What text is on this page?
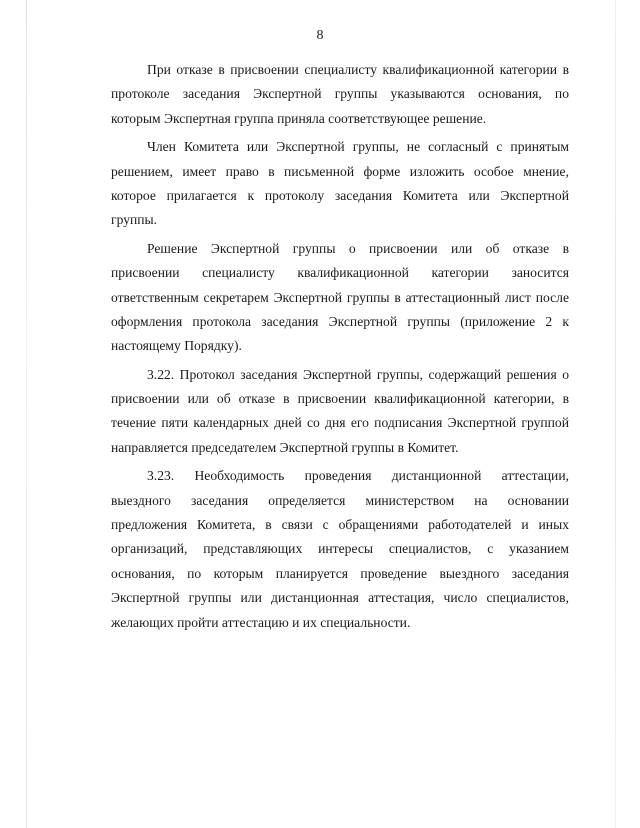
8
При отказе в присвоении специалисту квалификационной категории в
протоколе заседания Экспертной группы указываются основания, по
которым Экспертная группа приняла соответствующее решение.
Член Комитета или Экспертной группы, не согласный с принятым
решением, имеет право в письменной форме изложить особое мнение,
которое прилагается к протоколу заседания Комитета или Экспертной
группы.
Решение Экспертной группы о присвоении или об отказе в
присвоении специалисту квалификационной категории заносится
ответственным секретарем Экспертной группы в аттестационный лист после
оформления протокола заседания Экспертной группы (приложение 2 к
настоящему Порядку).
3.22. Протокол заседания Экспертной группы, содержащий решения о
присвоении или об отказе в присвоении квалификационной категории, в
течение пяти календарных дней со дня его подписания Экспертной группой
направляется председателем Экспертной группы в Комитет.
3.23. Необходимость проведения дистанционной аттестации,
выездного заседания определяется министерством на основании
предложения Комитета, в связи с обращениями работодателей и иных
организаций, представляющих интересы специалистов, с указанием
основания, по которым планируется проведение выездного заседания
Экспертной группы или дистанционная аттестация, число специалистов,
желающих пройти аттестацию и их специальности.
